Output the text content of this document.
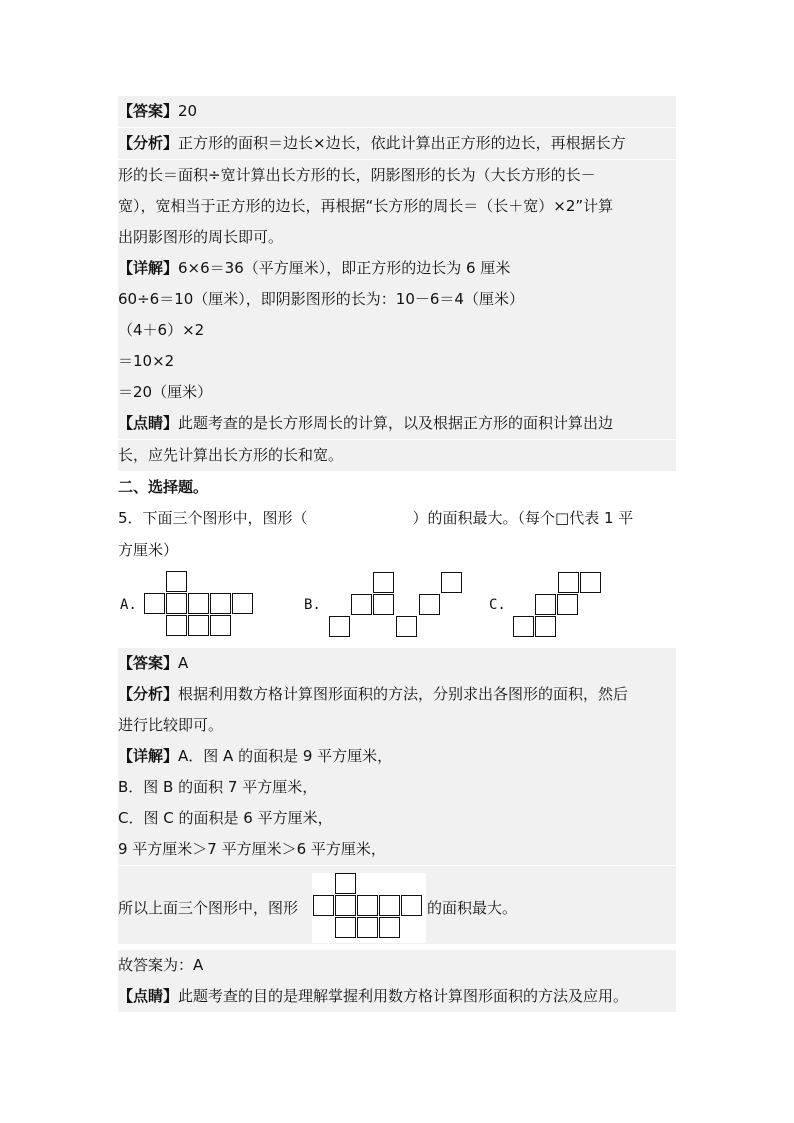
【答案】20
【分析】正方形的面积＝边长×边长，依此计算出正方形的边长，再根据长方
形的长＝面积÷宽计算出长方形的长，阴影图形的长为（大长方形的长－
宽），宽相当于正方形的边长，再根据“长方形的周长＝（长＋宽）×2”计算
出阴影图形的周长即可。
【详解】6×6＝36（平方厘米），即正方形的边长为 6 厘米
60÷6＝10（厘米），即阴影图形的长为：10－6＝4（厘米）
（4＋6）×2
＝10×2
＝20（厘米）
【点睛】此题考查的是长方形周长的计算，以及根据正方形的面积计算出边
长，应先计算出长方形的长和宽。
二、选择题。
5．下面三个图形中，图形（　　　　　　　）的面积最大。（每个□代表 1 平
方厘米）
A.	B.	C.
【答案】A
【分析】根据利用数方格计算图形面积的方法，分别求出各图形的面积，然后
进行比较即可。
【详解】A．图 A 的面积是 9 平方厘米，
B．图 B 的面积 7 平方厘米，
C．图 C 的面积是 6 平方厘米，
9 平方厘米＞7 平方厘米＞6 平方厘米，
所以上面三个图形中，图形	的面积最大。
故答案为：A
【点睛】此题考查的目的是理解掌握利用数方格计算图形面积的方法及应用。
